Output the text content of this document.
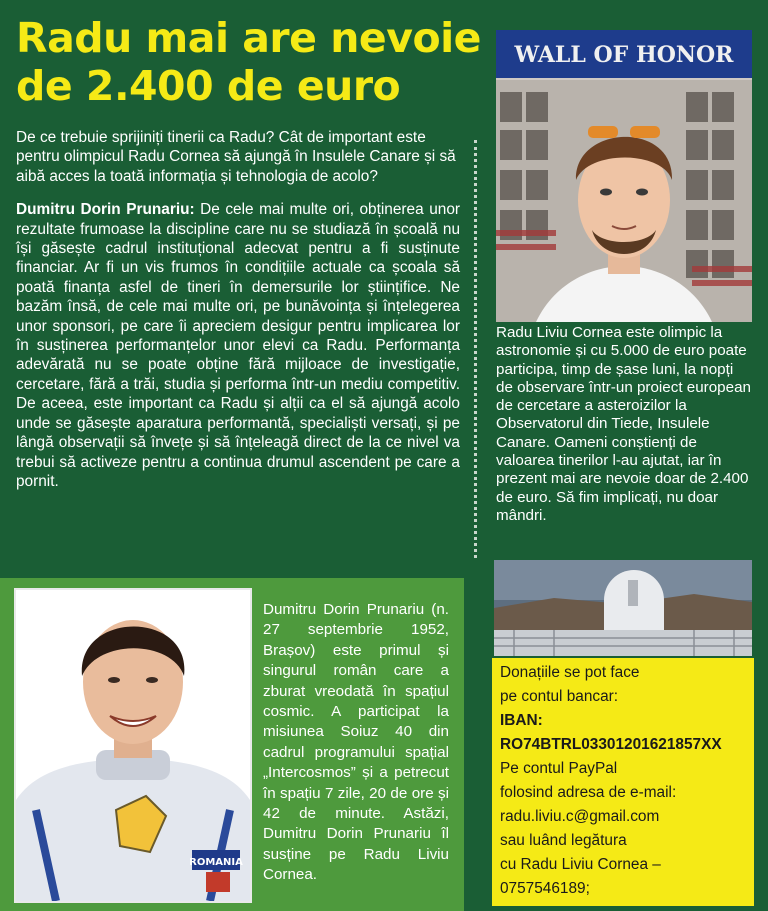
Radu mai are nevoie
de 2.400 de euro

De ce trebuie sprijiniți tinerii ca Radu? Cât de important este pentru olimpicul Radu Cornea să ajungă în Insulele Canare și să aibă acces la toată informația și tehnologia de acolo?

Dumitru Dorin Prunariu: De cele mai multe ori, obținerea unor rezultate frumoase la discipline care nu se studiază în școală nu își găsește cadrul instituțional adecvat pentru a fi susținute financiar. Ar fi un vis frumos în condițiile actuale ca școala să poată finanța asfel de tineri în demersurile lor științifice. Ne bazăm însă, de cele mai multe ori, pe bunăvoința și înțelegerea unor sponsori, pe care îi apreciem desigur pentru implicarea lor în susținerea performanțelor unor elevi ca Radu. Performanța adevărată nu se poate obține fără mijloace de investigație, cercetare, fără a trăi, studia și performa într-un mediu competitiv. De aceea, este important ca Radu și alții ca el să ajungă acolo unde se găsește aparatura performantă, specialiști versați, și pe lângă observații să învețe și să înțeleagă direct de la ce nivel va trebui să activeze pentru a continua drumul ascendent pe care a pornit.

WALL OF HONOR
Radu Liviu Cornea este olimpic la astronomie și cu 5.000 de euro poate participa, timp de șase luni, la nopți de observare într-un proiect european de cercetare a asteroizilor la Observatorul din Tiede, Insulele Canare. Oameni conștienți de valoarea tinerilor l-au ajutat, iar în prezent mai are nevoie doar de 2.400 de euro. Să fim implicați, nu doar mândri.
ROMANIA
Dumitru Dorin Prunariu (n. 27 septembrie 1952, Brașov) este primul și singurul român care a zburat vreodată în spațiul cosmic. A participat la misiunea Soiuz 40 din cadrul programului spațial „Intercosmos” și a petrecut în spațiu 7 zile, 20 de ore și 42 de minute. Astăzi, Dumitru Dorin Prunariu îl susține pe Radu Liviu Cornea.
Donațiile se pot face
pe contul bancar:
IBAN:
RO74BTRL03301201621857XX
Pe contul PayPal
folosind adresa de e-mail:
radu.liviu.c@gmail.com
sau luând legătura
cu Radu Liviu Cornea –
0757546189;
